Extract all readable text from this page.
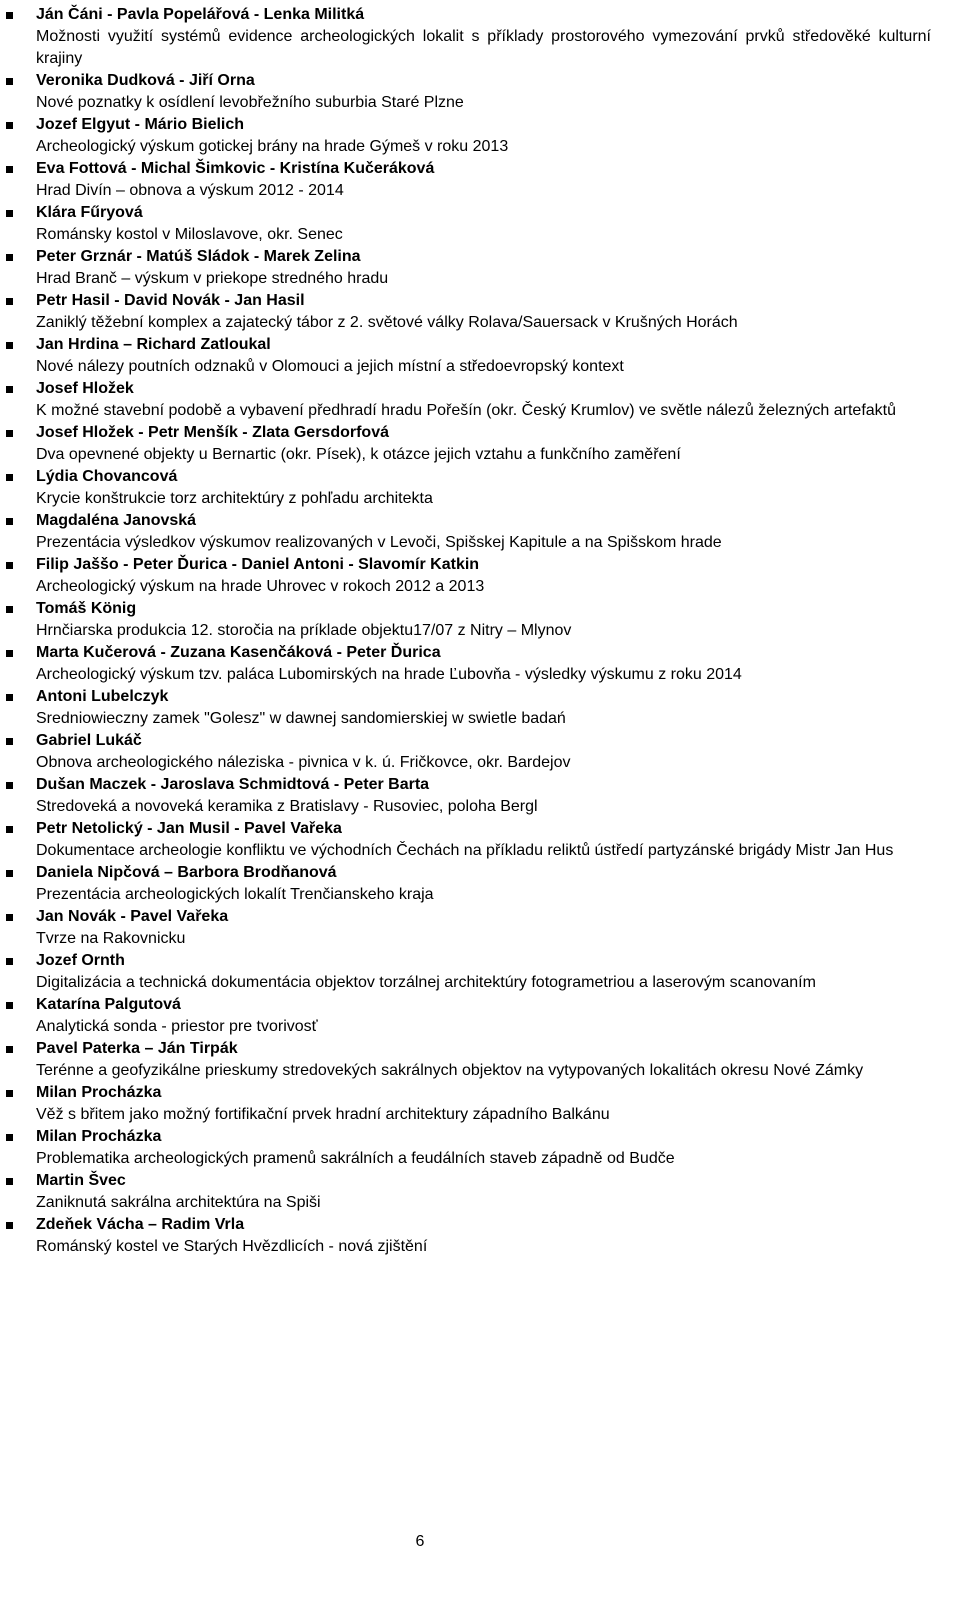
Ján Čáni - Pavla Popelářová - Lenka Militká
Možnosti využití systémů evidence archeologických lokalit s příklady prostorového vymezování prvků středověké kulturní krajiny
Veronika Dudková - Jiří Orna
Nové poznatky k osídlení levobřežního suburbia Staré Plzne
Jozef Elgyut - Mário Bielich
Archeologický výskum gotickej brány na hrade Gýmeš v roku 2013
Eva Fottová - Michal Šimkovic - Kristína Kučeráková
Hrad Divín – obnova a výskum 2012 - 2014
Klára Fűryová
Románsky kostol v Miloslavove, okr. Senec
Peter Grznár - Matúš Sládok - Marek Zelina
Hrad Branč – výskum v priekope stredného hradu
Petr Hasil - David Novák - Jan Hasil
Zaniklý těžební komplex a zajatecký tábor z 2. světové války Rolava/Sauersack v Krušných Horách
Jan Hrdina – Richard Zatloukal
Nové nálezy poutních odznaků v Olomouci a jejich místní a středoevropský kontext
Josef Hložek
K možné stavební podobě a vybavení předhradí hradu Pořešín (okr. Český Krumlov) ve světle nálezů železných artefaktů
Josef Hložek - Petr Menšík - Zlata Gersdorfová
Dva opevnené objekty u Bernartic (okr. Písek), k otázce jejich vztahu a funkčního zaměření
Lýdia Chovancová
Krycie konštrukcie torz architektúry z pohľadu architekta
Magdaléna Janovská
Prezentácia výsledkov výskumov realizovaných v Levoči, Spišskej Kapitule a na Spišskom hrade
Filip Jaššo - Peter Ďurica - Daniel Antoni - Slavomír Katkin
Archeologický výskum na hrade Uhrovec v rokoch 2012 a 2013
Tomáš König
Hrnčiarska produkcia 12. storočia na príklade objektu17/07 z Nitry – Mlynov
Marta Kučerová - Zuzana Kasenčáková - Peter Ďurica
Archeologický výskum tzv. paláca Lubomirských na hrade Ľubovňa - výsledky výskumu z roku 2014
Antoni Lubelczyk
Sredniowieczny zamek "Golesz" w dawnej sandomierskiej w swietle badań
Gabriel Lukáč
Obnova archeologického náleziska - pivnica v k. ú. Fričkovce, okr. Bardejov
Dušan Maczek - Jaroslava Schmidtová - Peter Barta
Stredoveká a novoveká keramika z Bratislavy - Rusoviec, poloha Bergl
Petr Netolický - Jan Musil - Pavel Vařeka
Dokumentace archeologie konfliktu ve východních Čechách na příkladu reliktů ústředí partyzánské brigády Mistr Jan Hus
Daniela Nipčová – Barbora Brodňanová
Prezentácia archeologických lokalít Trenčianskeho kraja
Jan Novák - Pavel Vařeka
Tvrze na Rakovnicku
Jozef Ornth
Digitalizácia a technická dokumentácia objektov torzálnej architektúry fotogrametriou a laserovým scanovaním
Katarína Palgutová
Analytická sonda - priestor pre tvorivosť
Pavel Paterka – Ján Tirpák
Terénne a geofyzikálne prieskumy stredovekých sakrálnych objektov na vytypovaných lokalitách okresu Nové Zámky
Milan Procházka
Věž s břitem jako možný fortifikační prvek hradní architektury západního Balkánu
Milan Procházka
Problematika archeologických pramenů sakrálních a feudálních staveb západně od Budče
Martin Švec
Zaniknutá sakrálna architektúra na Spiši
Zdeňek Vácha – Radim Vrla
Románský kostel ve Starých Hvězdlicích - nová zjištění
6
